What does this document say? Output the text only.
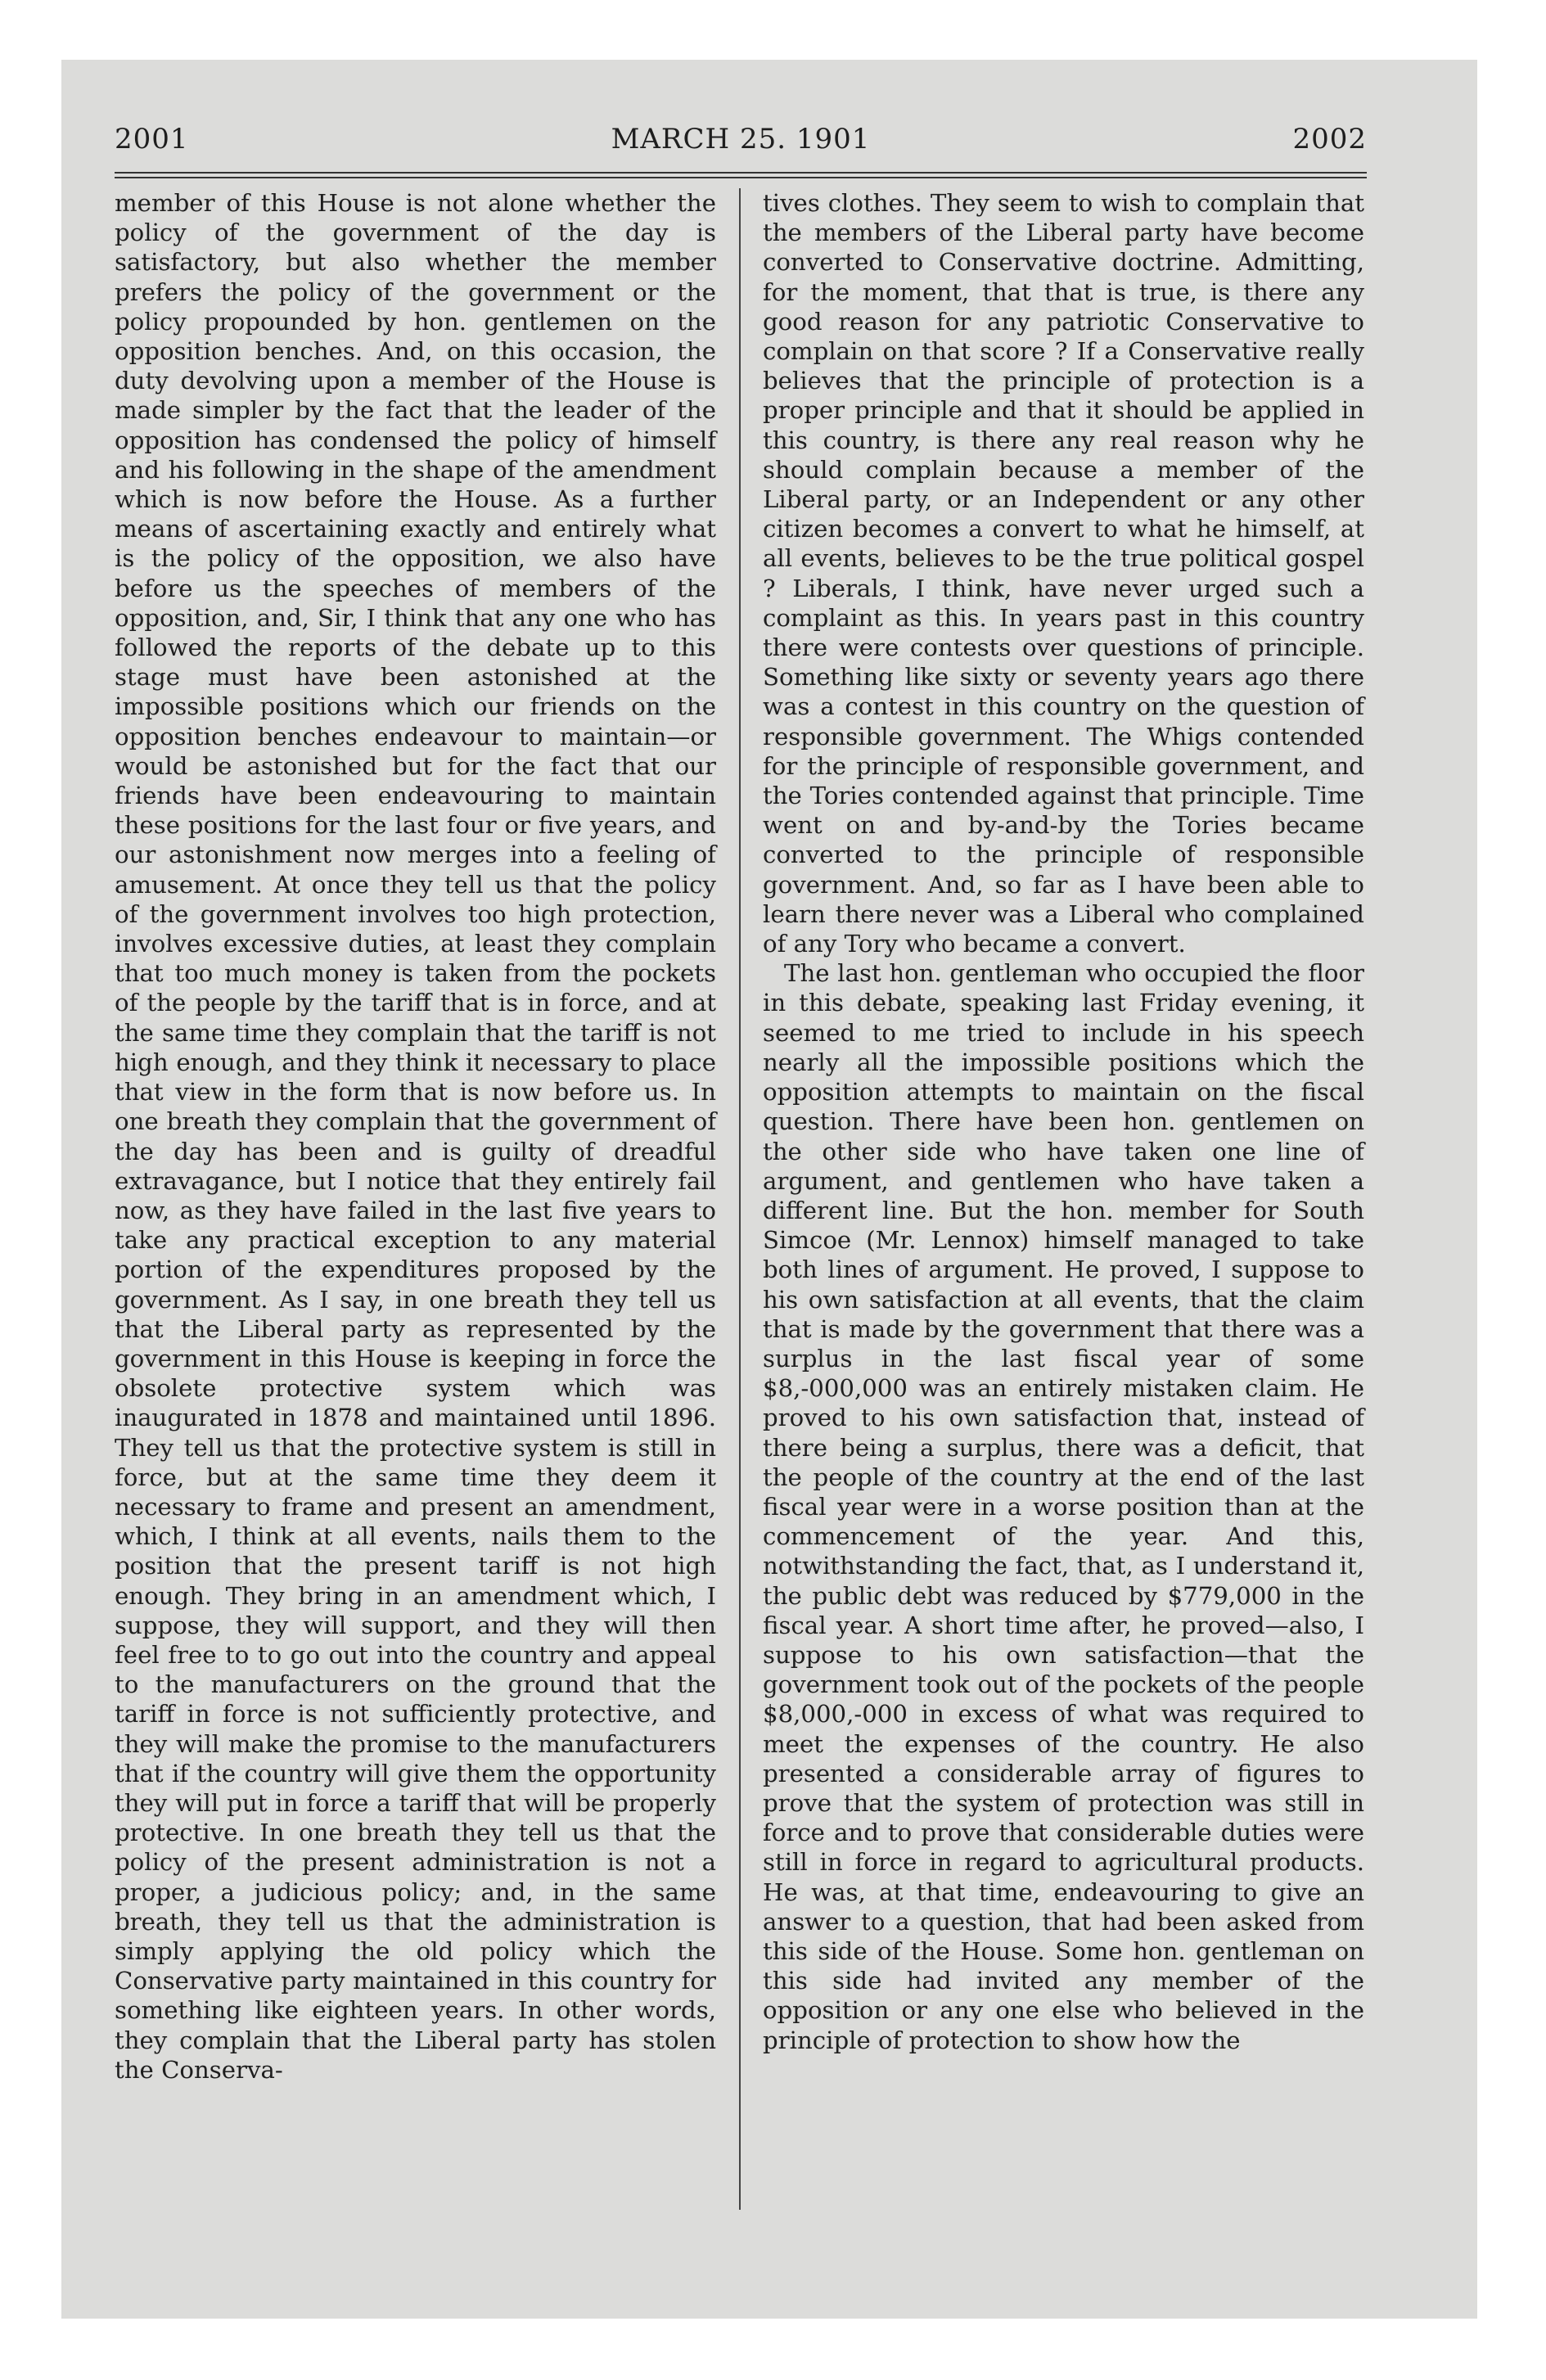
2001	MARCH 25. 1901	2002

member of this House is not alone whether the policy of the government of the day is satisfactory, but also whether the member prefers the policy of the government or the policy propounded by hon. gentlemen on the opposition benches. And, on this occasion, the duty devolving upon a member of the House is made simpler by the fact that the leader of the opposition has condensed the policy of himself and his following in the shape of the amendment which is now before the House. As a further means of ascertaining exactly and entirely what is the policy of the opposition, we also have before us the speeches of members of the opposition, and, Sir, I think that any one who has followed the reports of the debate up to this stage must have been astonished at the impossible positions which our friends on the opposition benches endeavour to maintain—or would be astonished but for the fact that our friends have been endeavouring to maintain these positions for the last four or five years, and our astonishment now merges into a feeling of amusement. At once they tell us that the policy of the government involves too high protection, involves excessive duties, at least they complain that too much money is taken from the pockets of the people by the tariff that is in force, and at the same time they complain that the tariff is not high enough, and they think it necessary to place that view in the form that is now before us. In one breath they complain that the government of the day has been and is guilty of dreadful extravagance, but I notice that they entirely fail now, as they have failed in the last five years to take any practical exception to any material portion of the expenditures proposed by the government. As I say, in one breath they tell us that the Liberal party as represented by the government in this House is keeping in force the obsolete protective system which was inaugurated in 1878 and maintained until 1896. They tell us that the protective system is still in force, but at the same time they deem it necessary to frame and present an amendment, which, I think at all events, nails them to the position that the present tariff is not high enough. They bring in an amendment which, I suppose, they will support, and they will then feel free to to go out into the country and appeal to the manufacturers on the ground that the tariff in force is not sufficiently protective, and they will make the promise to the manufacturers that if the country will give them the opportunity they will put in force a tariff that will be properly protective. In one breath they tell us that the policy of the present administration is not a proper, a judicious policy; and, in the same breath, they tell us that the administration is simply applying the old policy which the Conservative party maintained in this country for something like eighteen years. In other words, they complain that the Liberal party has stolen the Conserva-

tives clothes. They seem to wish to complain that the members of the Liberal party have become converted to Conservative doctrine. Admitting, for the moment, that that is true, is there any good reason for any patriotic Conservative to complain on that score ? If a Conservative really believes that the principle of protection is a proper principle and that it should be applied in this country, is there any real reason why he should complain because a member of the Liberal party, or an Independent or any other citizen becomes a convert to what he himself, at all events, believes to be the true political gospel ? Liberals, I think, have never urged such a complaint as this. In years past in this country there were contests over questions of principle. Something like sixty or seventy years ago there was a contest in this country on the question of responsible government. The Whigs contended for the principle of responsible government, and the Tories contended against that principle. Time went on and by-and-by the Tories became converted to the principle of responsible government. And, so far as I have been able to learn there never was a Liberal who complained of any Tory who became a convert.

The last hon. gentleman who occupied the floor in this debate, speaking last Friday evening, it seemed to me tried to include in his speech nearly all the impossible positions which the opposition attempts to maintain on the fiscal question. There have been hon. gentlemen on the other side who have taken one line of argument, and gentlemen who have taken a different line. But the hon. member for South Simcoe (Mr. Lennox) himself managed to take both lines of argument. He proved, I suppose to his own satisfaction at all events, that the claim that is made by the government that there was a surplus in the last fiscal year of some $8,-000,000 was an entirely mistaken claim. He proved to his own satisfaction that, instead of there being a surplus, there was a deficit, that the people of the country at the end of the last fiscal year were in a worse position than at the commencement of the year. And this, notwithstanding the fact, that, as I understand it, the public debt was reduced by $779,000 in the fiscal year. A short time after, he proved—also, I suppose to his own satisfaction—that the government took out of the pockets of the people $8,000,-000 in excess of what was required to meet the expenses of the country. He also presented a considerable array of figures to prove that the system of protection was still in force and to prove that considerable duties were still in force in regard to agricultural products. He was, at that time, endeavouring to give an answer to a question, that had been asked from this side of the House. Some hon. gentleman on this side had invited any member of the opposition or any one else who believed in the principle of protection to show how the
